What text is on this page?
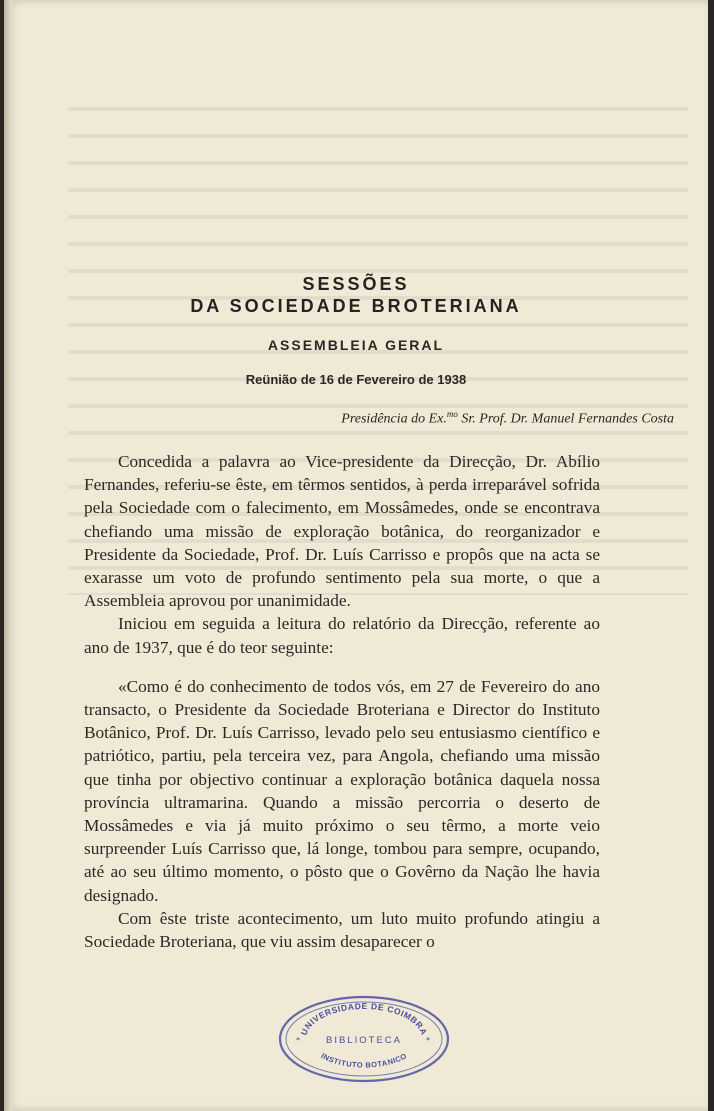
SESSÕES
DA SOCIEDADE BROTERIANA
ASSEMBLEIA GERAL
Reünião de 16 de Fevereiro de 1938
Presidência do Ex.$^{mo}$ Sr. Prof. Dr. Manuel Fernandes Costa

Concedida a palavra ao Vice-presidente da Direcção, Dr. Abílio Fernandes, referiu-se êste, em têrmos sentidos, à perda irreparável sofrida pela Sociedade com o falecimento, em Mossâmedes, onde se encontrava chefiando uma missão de exploração botânica, do reorganizador e Presidente da Sociedade, Prof. Dr. Luís Carrisso e propôs que na acta se exarasse um voto de profundo sentimento pela sua morte, o que a Assembleia aprovou por unanimidade.

Iniciou em seguida a leitura do relatório da Direcção, referente ao ano de 1937, que é do teor seguinte:

«Como é do conhecimento de todos vós, em 27 de Fevereiro do ano transacto, o Presidente da Sociedade Broteriana e Director do Instituto Botânico, Prof. Dr. Luís Carrisso, levado pelo seu entusiasmo científico e patriótico, partiu, pela terceira vez, para Angola, chefiando uma missão que tinha por objectivo continuar a exploração botânica daquela nossa província ultramarina. Quando a missão percorria o deserto de Mossâmedes e via já muito próximo o seu têrmo, a morte veio surpreender Luís Carrisso que, lá longe, tombou para sempre, ocupando, até ao seu último momento, o pôsto que o Govêrno da Nação lhe havia designado.

Com êste triste acontecimento, um luto muito profundo atingiu a Sociedade Broteriana, que viu assim desaparecer o

UNIVERSIDADE DE COIMBRA
BIBLIOTECA
*	*
INSTITUTO BOTANICO
